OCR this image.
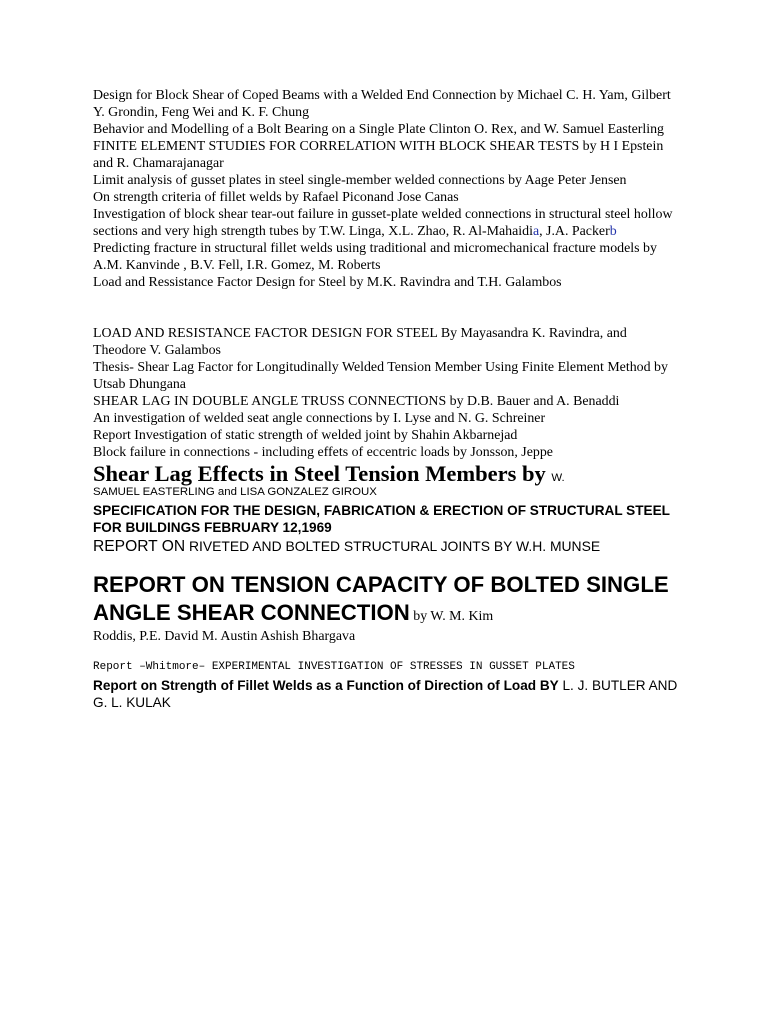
Design for Block Shear of Coped Beams with a Welded End Connection by Michael C. H. Yam, Gilbert Y. Grondin, Feng Wei and K. F. Chung

Behavior and Modelling of a Bolt Bearing on a Single Plate Clinton O. Rex, and W. Samuel Easterling

FINITE ELEMENT STUDIES FOR CORRELATION WITH BLOCK SHEAR TESTS by H I Epstein and R. Chamarajanagar

Limit analysis of gusset plates in steel single-member welded connections by Aage Peter Jensen

On strength criteria of fillet welds by Rafael Piconand Jose Canas

Investigation of block shear tear-out failure in gusset-plate welded connections in structural steel hollow sections and very high strength tubes by T.W. Linga, X.L. Zhao, R. Al-Mahaidia, J.A. Packerb

Predicting fracture in structural fillet welds using traditional and micromechanical fracture models by A.M. Kanvinde , B.V. Fell, I.R. Gomez, M. Roberts

Load and Ressistance Factor Design for Steel by M.K. Ravindra and T.H. Galambos

LOAD AND RESISTANCE FACTOR DESIGN FOR STEEL By Mayasandra K. Ravindra, and Theodore V. Galambos

Thesis- Shear Lag Factor for Longitudinally Welded Tension Member Using Finite Element Method by Utsab Dhungana

SHEAR LAG IN DOUBLE ANGLE TRUSS CONNECTIONS by D.B. Bauer and A. Benaddi

An investigation of welded seat angle connections by I. Lyse and N. G. Schreiner

Report Investigation of static strength of welded joint by Shahin Akbarnejad

Block failure in connections - including effets of eccentric loads by Jonsson, Jeppe

Shear Lag Effects in Steel Tension Members by W.
SAMUEL EASTERLING and LISA GONZALEZ GIROUX
SPECIFICATION FOR THE DESIGN, FABRICATION & ERECTION OF STRUCTURAL STEEL FOR BUILDINGS FEBRUARY 12,1969
REPORT ON RIVETED AND BOLTED STRUCTURAL JOINTS BY W.H. MUNSE
REPORT ON TENSION CAPACITY OF BOLTED SINGLE ANGLE SHEAR CONNECTION by W. M. Kim
Roddis, P.E. David M. Austin Ashish Bhargava
Report –Whitmore– EXPERIMENTAL INVESTIGATION OF STRESSES IN GUSSET PLATES
Report on Strength of Fillet Welds as a Function of Direction of Load BY L. J. BUTLER AND G. L. KULAK
